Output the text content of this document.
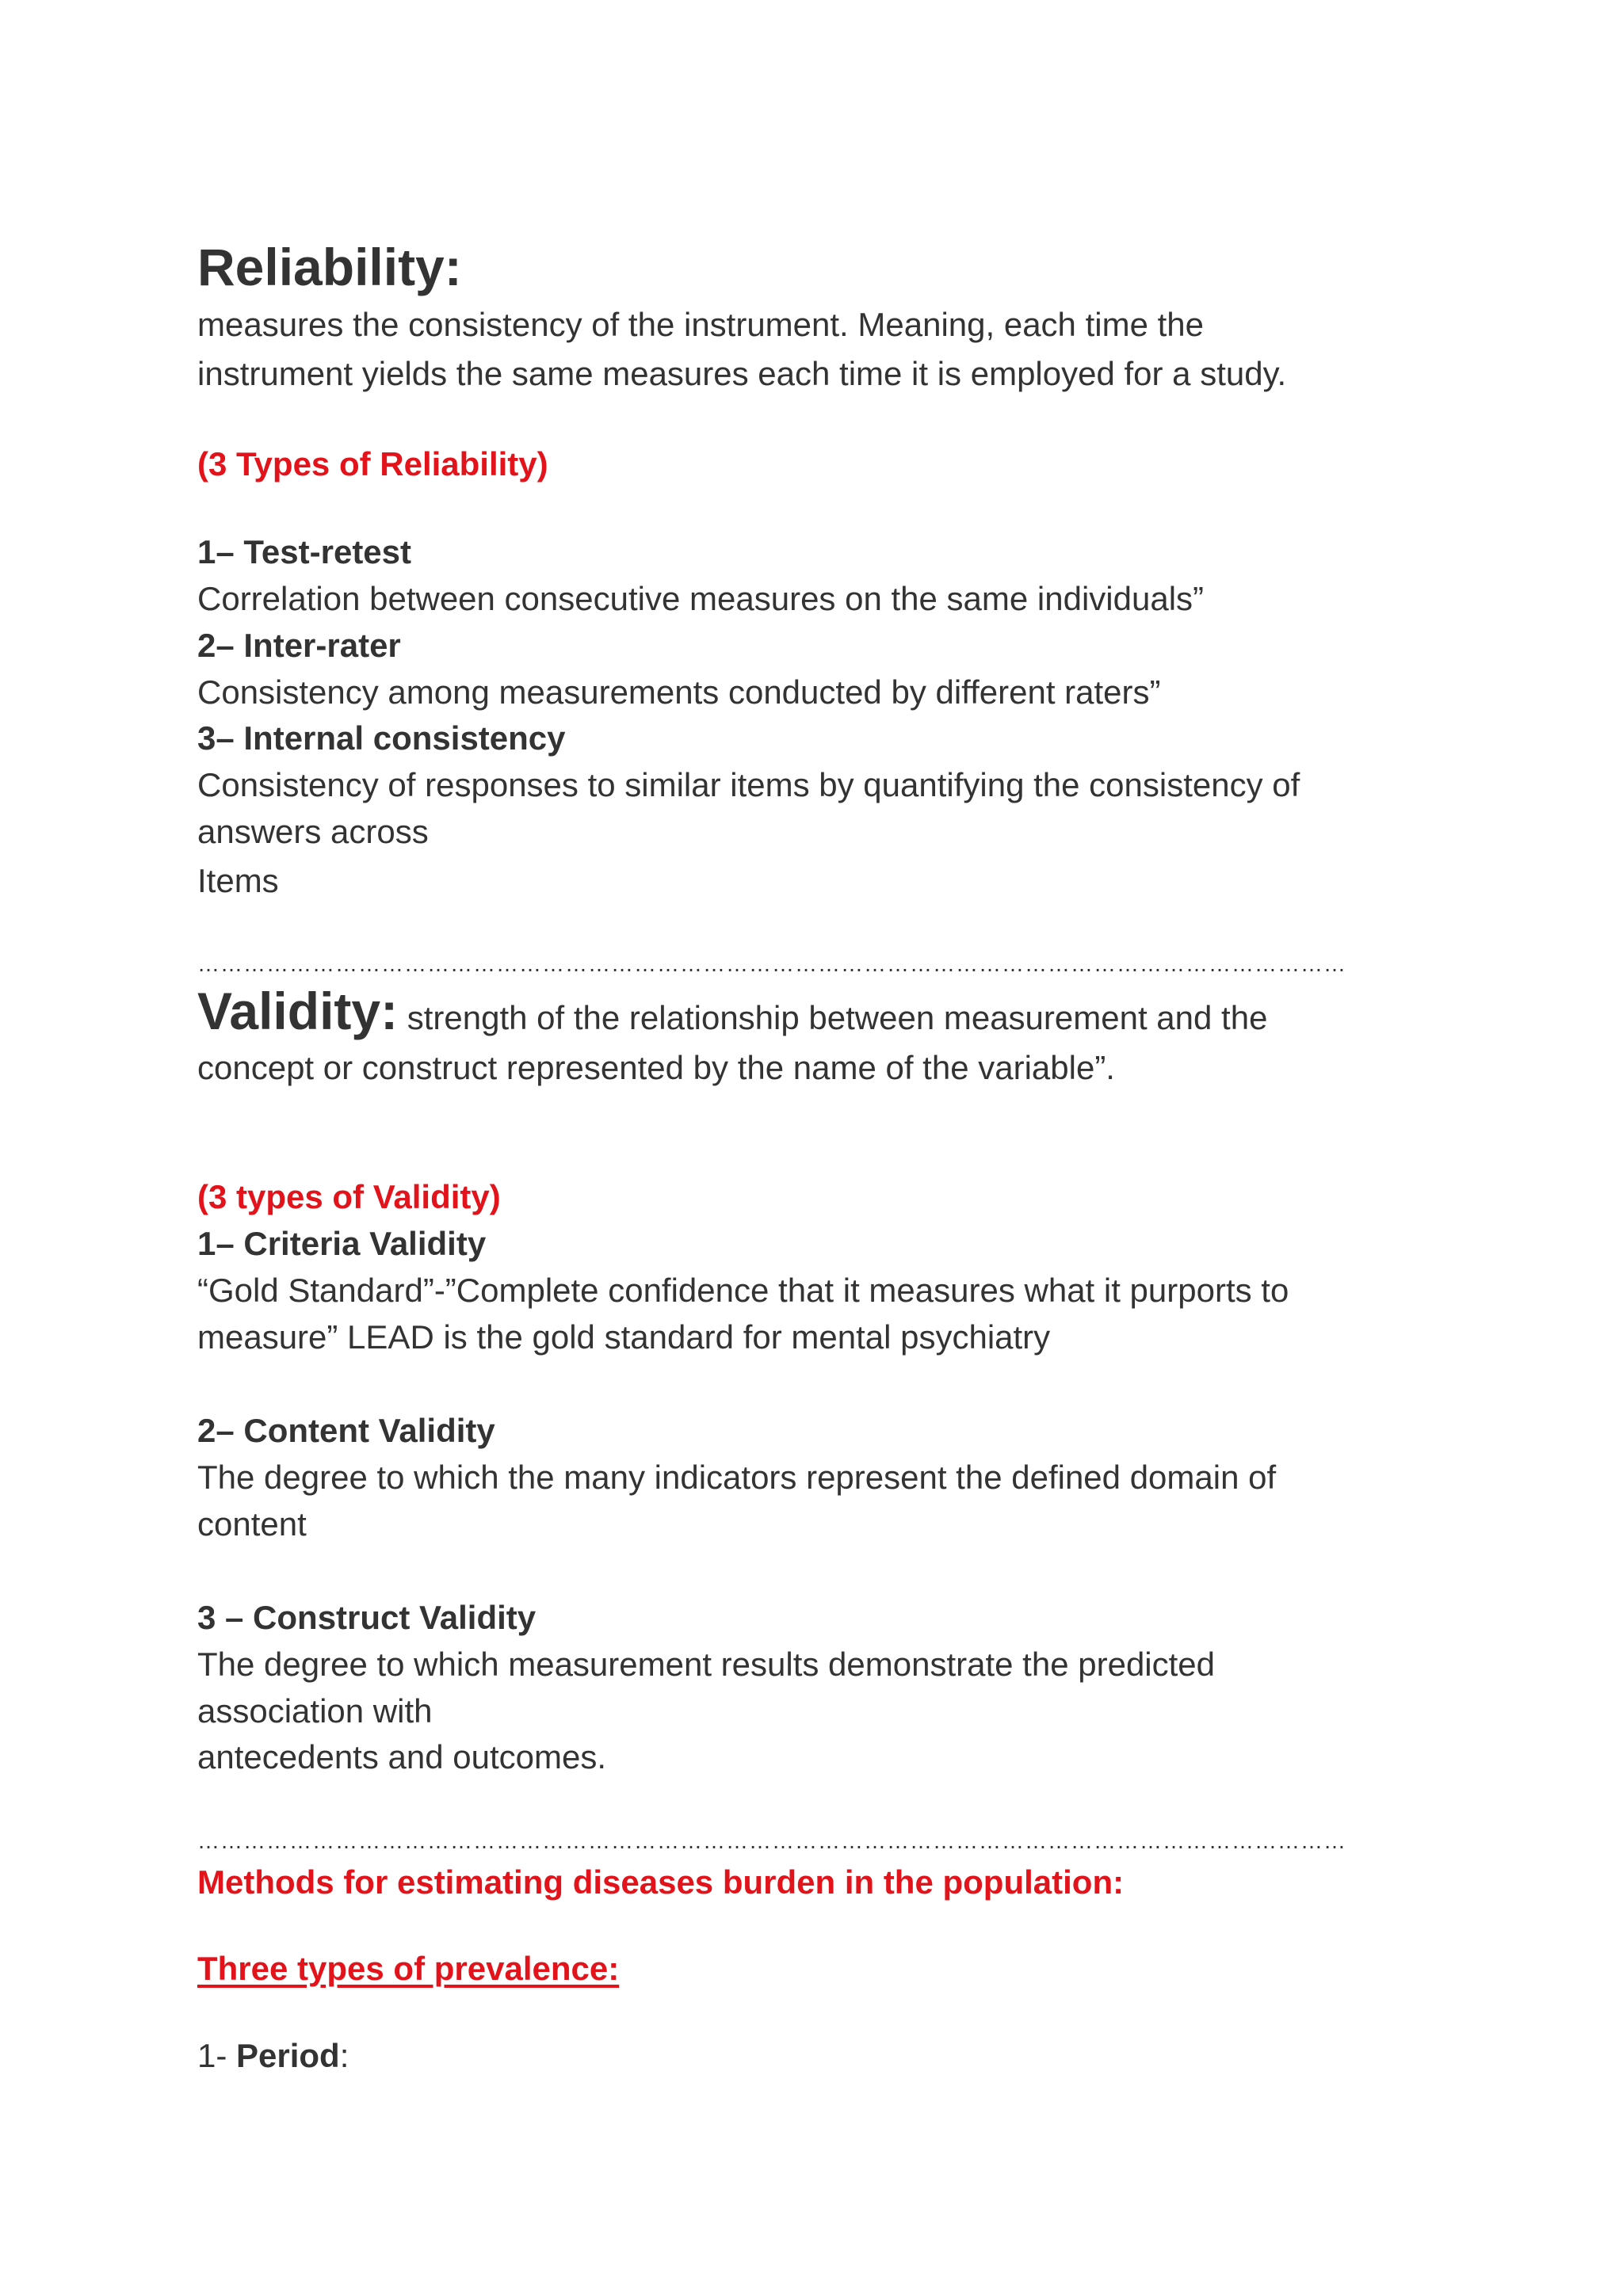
Reliability:
measures the consistency of the instrument. Meaning, each time the
instrument yields the same measures each time it is employed for a study.
(3 Types of Reliability)
1– Test-retest
Correlation between consecutive measures on the same individuals”
2– Inter-rater
Consistency among measurements conducted by different raters”
3– Internal consistency
Consistency of responses to similar items by quantifying the consistency of
answers across
Items
……………………………………………………………………………………………………………………………………
Validity: strength of the relationship between measurement and the
concept or construct represented by the name of the variable”.
(3 types of Validity)
1– Criteria Validity
“Gold Standard”-”Complete confidence that it measures what it purports to
measure” LEAD is the gold standard for mental psychiatry
2– Content Validity
The degree to which the many indicators represent the defined domain of
content
3 – Construct Validity
The degree to which measurement results demonstrate the predicted
association with
antecedents and outcomes.
……………………………………………………………………………………………………………………………………
Methods for estimating diseases burden in the population:
Three types of prevalence:
1- Period:
